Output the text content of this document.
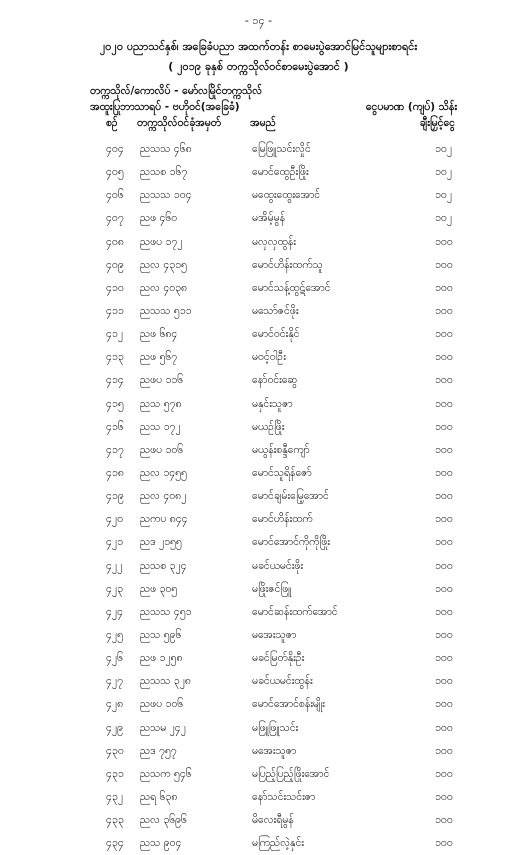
- ၁၄ -
၂၀၂၀ ပညာသင်နှစ်၊ အခြေခံပညာ အထက်တန်း စာမေးပွဲအောင်မြင်သူများစာရင်း
( ၂၀၁၉ ခုနှစ် တက္ကသိုလ်ဝင်စာမေးပွဲအောင် )
တက္ကသိုလ်/ကောလိပ် - မော်လမြိုင်တက္ကသိုလ်
အထူးပြုဘာသာရပ် - ဗဟိုဝင်(အခြေခံ)	ငွေပမာဏ (ကျပ်) သိန်း
ချီးမြှင့်ငွေ
စဉ် တက္ကသိုလ်ဝင်ခုံအမှတ်	အမည်
၄၀၄ ညသသ ၄၆၈	မြေဖြူသင်းလှိုင်	၁၀၂
၄၀၅ ညသစ ၁၆၇	မောင်ထွေဦးဖြိုး	၁၀၂
၄၀၆ ညသသ ၁၀၄	မထွေးထွေးအောင်	၁၀၂
၄၀၇ ညဖ ၄၆၀	မအိမ့်မွန်	၁၀၂
၄၀၈ ညဖပ ၁၇၂	မလှလှထွန်း	၁၀၀
၄၀၉ ညလ ၄၃၁၅	မောင်ဟိန်းထက်သူ	၁၀၀
၄၁၀ ညလ ၄၀၃၈	မောင်သန့်ထွဋ်အောင်	၁၀၀
၄၁၁ ညသသ ၅၁၁	မသော်ဇင်ဖိုး	၁၀၀
၄၁၂ ညဖ ၆၈၄	မောင်ဝင်းနိုင်	၁၀၀
၄၁၃ ညဖ ၅၆၇	မဝင့်ဝါဦး	၁၀၀
၄၁၄ ညဖပ ၁၁၆	နော်ဝင်းဆွေ	၁၀၀
၄၁၅ ညသ ၅၇၈	မနှင်းသူဇာ	၁၀၀
၄၁၆ ညသ ၁၇၂	မယဉ်ဖြိုး	၁၀၀
၄၁၇ ညဖပ ၁၀၆	မယွန်းစန္ဒီကျော်	၁၀၀
၄၁၈ ညလ ၁၄၅၅	မောင်သူရိန်ဇော်	၁၀၀
၄၁၉ ညလ ၄၀၈၂	မောင်ချမ်းမြေ့အောင်	၁၀၀
၄၂၀ ညကပ ၈၄၄	မောင်ဟိန်းထက်	၁၀၀
၄၂၁ ညဒ ၂၁၅၅	မောင်အောင်ကိုကိုဖြိုး	၁၀၀
၄၂၂ ညသစ ၃၂၄	မခင်ယမင်းဖိုး	၁၀၀
၄၂၃ ညဖ ၃၀၅	မဖြိုးဇင်ဖြူ	၁၀၀
၄၂၄ ညသသ ၄၅၁	မောင်ဆန်းထက်အောင်	၁၀၀
၄၂၅ ညသ ၅၉၆	မအေးသူဇာ	၁၀၀
၄၂၆ ညဖ ၁၂၅၈	မခင်မြတ်နိုးဦး	၁၀၀
၄၂၇ ညသသ ၃၂၈	မခင်ယမင်းထွန်း	၁၀၀
၄၂၈ ညဖပ ၁၀၆	မောင်အောင်စန်းမျိုး	၁၀၀
၄၂၉ ညသမ ၂၄၂	မဖြူဖြူသင်း	၁၀၀
၄၃၀ ညဒ ၇၅၇	မအေးသူဇာ	၁၀၀
၄၃၁ ညသက ၅၄၆	မပြည့်ပြည့်ဖြိုးအောင်	၁၀၀
၄၃၂ ညရ ၆၃၈	နော်သင်းသင်းဇာ	၁၀၀
၄၃၃ ညလ ၃၆၉၆	မိလေးရီမွန်	၁၀၀
၄၃၄ ညသ ၉၀၄	မကြည်လဲ့နှင်း	၁၀၀
